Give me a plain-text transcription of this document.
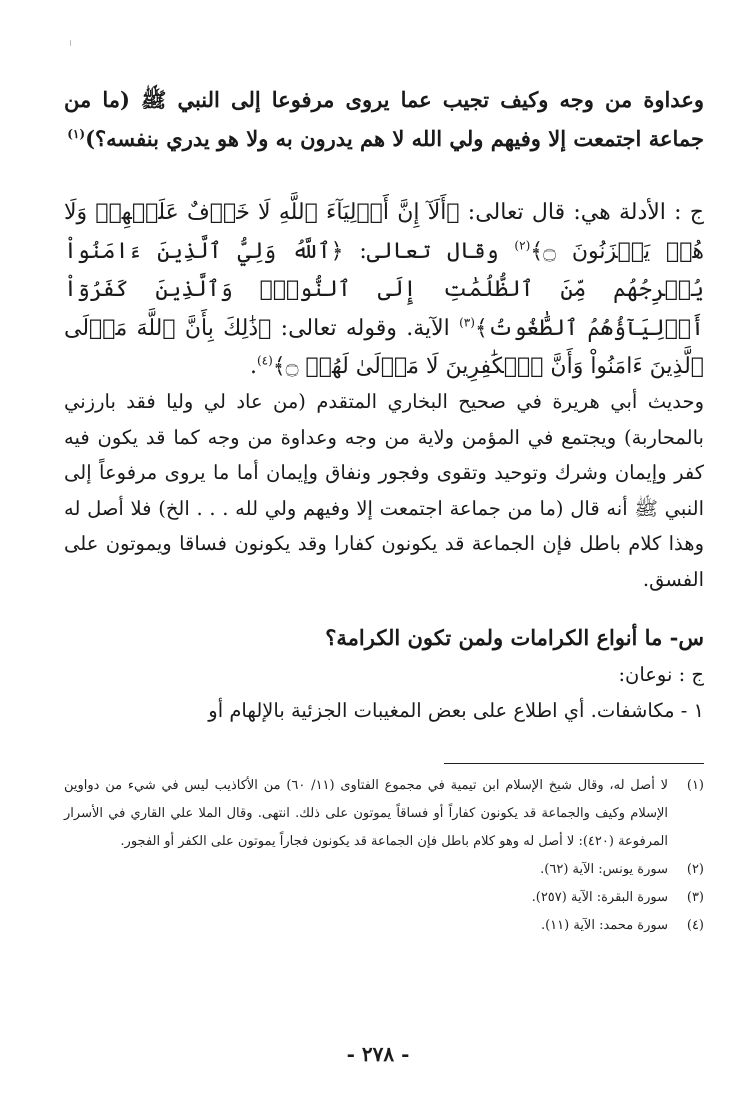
وعداوة من وجه وكيف تجيب عما يروى مرفوعا إلى النبي ﷺ (ما من جماعة اجتمعت إلا وفيهم ولي الله لا هم يدرون به ولا هو يدري بنفسه؟)$^{(١)}$
ج : الأدلة هي: قال تعالى: ﴿أَلَآ إِنَّ أَوۡلِيَآءَ ٱللَّهِ لَا خَوۡفٌ عَلَيۡهِمۡ وَلَا هُمۡ يَحۡزَنُونَ ۝﴾$^{(٢)}$ وقال تعالى: ﴿ٱللَّهُ وَلِيُّ ٱلَّذِينَ ءَامَنُواْ يُخۡرِجُهُم مِّنَ ٱلظُّلُمَٰتِ إِلَى ٱلنُّورِۖ وَٱلَّذِينَ كَفَرُوٓاْ أَوۡلِيَآؤُهُمُ ٱلطَّٰغُوتُ﴾$^{(٣)}$ الآية. وقوله تعالى: ﴿ذَٰلِكَ بِأَنَّ ٱللَّهَ مَوۡلَى ٱلَّذِينَ ءَامَنُواْ وَأَنَّ ٱلۡكَٰفِرِينَ لَا مَوۡلَىٰ لَهُمۡ ۝﴾$^{(٤)}$.
وحديث أبي هريرة في صحيح البخاري المتقدم (من عاد لي وليا فقد بارزني بالمحاربة) ويجتمع في المؤمن ولاية من وجه وعداوة من وجه كما قد يكون فيه كفر وإيمان وشرك وتوحيد وتقوى وفجور ونفاق وإيمان أما ما يروى مرفوعاً إلى النبي ﷺ أنه قال (ما من جماعة اجتمعت إلا وفيهم ولي لله . . . الخ) فلا أصل له وهذا كلام باطل فإن الجماعة قد يكونون كفارا وقد يكونون فساقا ويموتون على الفسق.
س- ما أنواع الكرامات ولمن تكون الكرامة؟
ج : نوعان:
١ - مكاشفات. أي اطلاع على بعض المغيبات الجزئية بالإلهام أو
(١)
لا أصل له، وقال شيخ الإسلام ابن تيمية في مجموع الفتاوى (١١/ ٦٠) من الأكاذيب ليس في شيء من دواوين الإسلام وكيف والجماعة قد يكونون كفاراً أو فساقاً يموتون على ذلك. انتهى. وقال الملا علي القاري في الأسرار المرفوعة (٤٢٠): لا أصل له وهو كلام باطل فإن الجماعة قد يكونون فجاراً يموتون على الكفر أو الفجور.
(٢)
سورة يونس: الآية (٦٢).
(٣)
سورة البقرة: الآية (٢٥٧).
(٤)
سورة محمد: الآية (١١).
- ٢٧٨ -
